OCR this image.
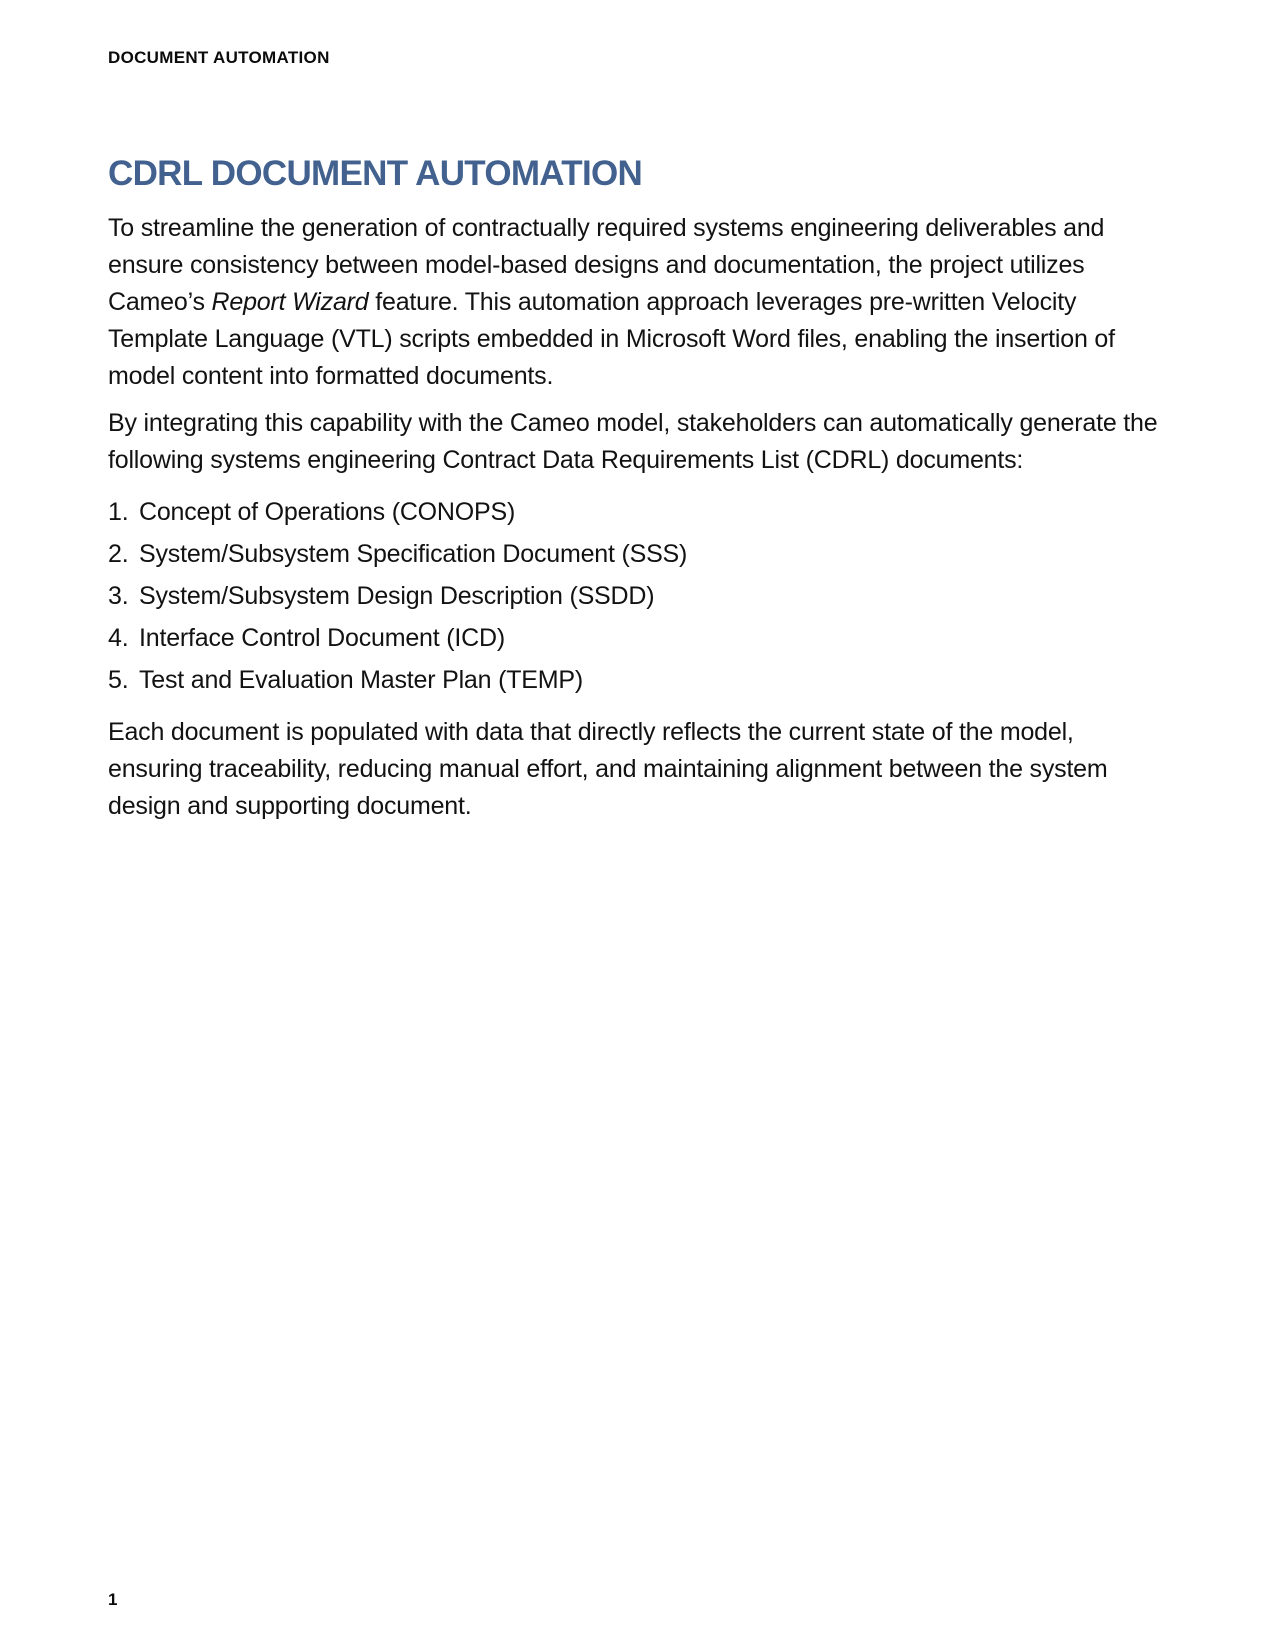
DOCUMENT AUTOMATION
CDRL DOCUMENT AUTOMATION

To streamline the generation of contractually required systems engineering deliverables and ensure consistency between model-based designs and documentation, the project utilizes Cameo’s Report Wizard feature. This automation approach leverages pre-written Velocity Template Language (VTL) scripts embedded in Microsoft Word files, enabling the insertion of model content into formatted documents.

By integrating this capability with the Cameo model, stakeholders can automatically generate the following systems engineering Contract Data Requirements List (CDRL) documents:

1. Concept of Operations (CONOPS)
2. System/Subsystem Specification Document (SSS)
3. System/Subsystem Design Description (SSDD)
4. Interface Control Document (ICD)
5. Test and Evaluation Master Plan (TEMP)

Each document is populated with data that directly reflects the current state of the model, ensuring traceability, reducing manual effort, and maintaining alignment between the system design and supporting document.

1
